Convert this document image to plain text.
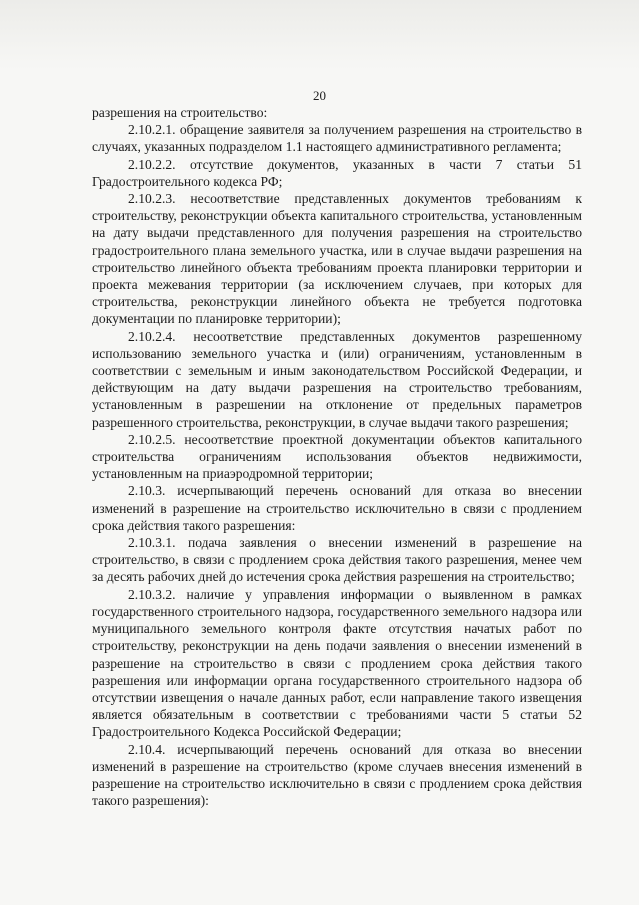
20

разрешения на строительство:

2.10.2.1. обращение заявителя за получением разрешения на строительство в случаях, указанных подразделом 1.1 настоящего административного регламента;

2.10.2.2. отсутствие документов, указанных в части 7 статьи 51 Градостроительного кодекса РФ;

2.10.2.3. несоответствие представленных документов требованиям к строительству, реконструкции объекта капитального строительства, установленным на дату выдачи представленного для получения разрешения на строительство градостроительного плана земельного участка, или в случае выдачи разрешения на строительство линейного объекта требованиям проекта планировки территории и проекта межевания территории (за исключением случаев, при которых для строительства, реконструкции линейного объекта не требуется подготовка документации по планировке территории);

2.10.2.4. несоответствие представленных документов разрешенному использованию земельного участка и (или) ограничениям, установленным в соответствии с земельным и иным законодательством Российской Федерации, и действующим на дату выдачи разрешения на строительство требованиям, установленным в разрешении на отклонение от предельных параметров разрешенного строительства, реконструкции, в случае выдачи такого разрешения;

2.10.2.5. несоответствие проектной документации объектов капитального строительства ограничениям использования объектов недвижимости, установленным на приаэродромной территории;

2.10.3. исчерпывающий перечень оснований для отказа во внесении изменений в разрешение на строительство исключительно в связи с продлением срока действия такого разрешения:

2.10.3.1. подача заявления о внесении изменений в разрешение на строительство, в связи с продлением срока действия такого разрешения, менее чем за десять рабочих дней до истечения срока действия разрешения на строительство;

2.10.3.2. наличие у управления информации о выявленном в рамках государственного строительного надзора, государственного земельного надзора или муниципального земельного контроля факте отсутствия начатых работ по строительству, реконструкции на день подачи заявления о внесении изменений в разрешение на строительство в связи с продлением срока действия такого разрешения или информации органа государственного строительного надзора об отсутствии извещения о начале данных работ, если направление такого извещения является обязательным в соответствии с требованиями части 5 статьи 52 Градостроительного Кодекса Российской Федерации;

2.10.4. исчерпывающий перечень оснований для отказа во внесении изменений в разрешение на строительство (кроме случаев внесения изменений в разрешение на строительство исключительно в связи с продлением срока действия такого разрешения):
